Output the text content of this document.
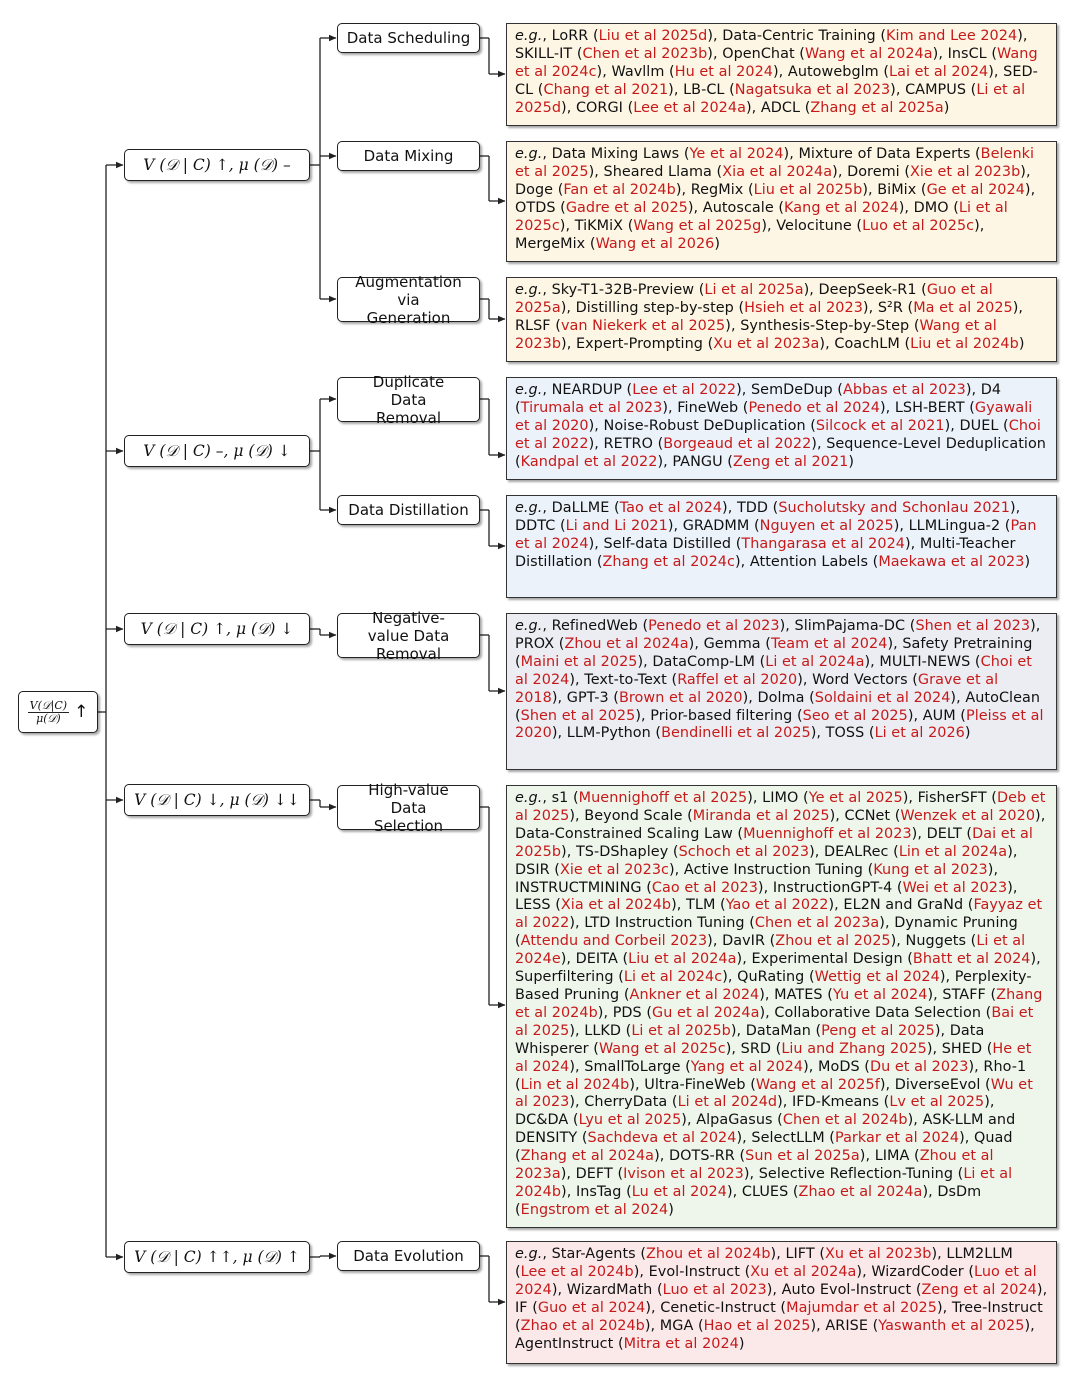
$\frac{\text{V(𝒟|C)}}{\text{μ(𝒟)}}$ ↑
V (𝒟 | C) ↑, μ (𝒟) –
V (𝒟 | C) –, μ (𝒟) ↓
V (𝒟 | C) ↑, μ (𝒟) ↓
V (𝒟 | C) ↓, μ (𝒟) ↓↓
V (𝒟 | C) ↑↑, μ (𝒟) ↑
Data Scheduling
Data Mixing
Augmentation via Generation
Duplicate Data Removal
Data Distillation
Negative-value Data Removal
High-value Data Selection
Data Evolution
e.g., LoRR (Liu et al 2025d), Data-Centric Training (Kim and Lee 2024), SKILL-IT (Chen et al 2023b), OpenChat (Wang et al 2024a), InsCL (Wang et al 2024c), Wavllm (Hu et al 2024), Autowebglm (Lai et al 2024), SED-CL (Chang et al 2021), LB-CL (Nagatsuka et al 2023), CAMPUS (Li et al 2025d), CORGI (Lee et al 2024a), ADCL (Zhang et al 2025a)
e.g., Data Mixing Laws (Ye et al 2024), Mixture of Data Experts (Belenki et al 2025), Sheared Llama (Xia et al 2024a), Doremi (Xie et al 2023b), Doge (Fan et al 2024b), RegMix (Liu et al 2025b), BiMix (Ge et al 2024), OTDS (Gadre et al 2025), Autoscale (Kang et al 2024), DMO (Li et al 2025c), TiKMiX (Wang et al 2025g), Velocitune (Luo et al 2025c), MergeMix (Wang et al 2026)
e.g., Sky-T1-32B-Preview (Li et al 2025a), DeepSeek-R1 (Guo et al 2025a), Distilling step-by-step (Hsieh et al 2023), S²R (Ma et al 2025), RLSF (van Niekerk et al 2025), Synthesis-Step-by-Step (Wang et al 2023b), Expert-Prompting (Xu et al 2023a), CoachLM (Liu et al 2024b)
e.g., NEARDUP (Lee et al 2022), SemDeDup (Abbas et al 2023), D4 (Tirumala et al 2023), FineWeb (Penedo et al 2024), LSH-BERT (Gyawali et al 2020), Noise-Robust DeDuplication (Silcock et al 2021), DUEL (Choi et al 2022), RETRO (Borgeaud et al 2022), Sequence-Level Deduplication (Kandpal et al 2022), PANGU (Zeng et al 2021)
e.g., DaLLME (Tao et al 2024), TDD (Sucholutsky and Schonlau 2021), DDTC (Li and Li 2021), GRADMM (Nguyen et al 2025), LLMLingua-2 (Pan et al 2024), Self-data Distilled (Thangarasa et al 2024), Multi-Teacher Distillation (Zhang et al 2024c), Attention Labels (Maekawa et al 2023)
e.g., RefinedWeb (Penedo et al 2023), SlimPajama-DC (Shen et al 2023), PROX (Zhou et al 2024a), Gemma (Team et al 2024), Safety Pretraining (Maini et al 2025), DataComp-LM (Li et al 2024a), MULTI-NEWS (Choi et al 2024), Text-to-Text (Raffel et al 2020), Word Vectors (Grave et al 2018), GPT-3 (Brown et al 2020), Dolma (Soldaini et al 2024), AutoClean (Shen et al 2025), Prior-based filtering (Seo et al 2025), AUM (Pleiss et al 2020), LLM-Python (Bendinelli et al 2025), TOSS (Li et al 2026)
e.g., s1 (Muennighoff et al 2025), LIMO (Ye et al 2025), FisherSFT (Deb et al 2025), Beyond Scale (Miranda et al 2025), CCNet (Wenzek et al 2020), Data-Constrained Scaling Law (Muennighoff et al 2023), DELT (Dai et al 2025b), TS-DShapley (Schoch et al 2023), DEALRec (Lin et al 2024a), DSIR (Xie et al 2023c), Active Instruction Tuning (Kung et al 2023), INSTRUCTMINING (Cao et al 2023), InstructionGPT-4 (Wei et al 2023), LESS (Xia et al 2024b), TLM (Yao et al 2022), EL2N and GraNd (Fayyaz et al 2022), LTD Instruction Tuning (Chen et al 2023a), Dynamic Pruning (Attendu and Corbeil 2023), DavIR (Zhou et al 2025), Nuggets (Li et al 2024e), DEITA (Liu et al 2024a), Experimental Design (Bhatt et al 2024), Superfiltering (Li et al 2024c), QuRating (Wettig et al 2024), Perplexity-Based Pruning (Ankner et al 2024), MATES (Yu et al 2024), STAFF (Zhang et al 2024b), PDS (Gu et al 2024a), Collaborative Data Selection (Bai et al 2025), LLKD (Li et al 2025b), DataMan (Peng et al 2025), Data Whisperer (Wang et al 2025c), SRD (Liu and Zhang 2025), SHED (He et al 2024), SmallToLarge (Yang et al 2024), MoDS (Du et al 2023), Rho-1 (Lin et al 2024b), Ultra-FineWeb (Wang et al 2025f), DiverseEvol (Wu et al 2023), CherryData (Li et al 2024d), IFD-Kmeans (Lv et al 2025), DC&DA (Lyu et al 2025), AlpaGasus (Chen et al 2024b), ASK-LLM and DENSITY (Sachdeva et al 2024), SelectLLM (Parkar et al 2024), Quad (Zhang et al 2024a), DOTS-RR (Sun et al 2025a), LIMA (Zhou et al 2023a), DEFT (Ivison et al 2023), Selective Reflection-Tuning (Li et al 2024b), InsTag (Lu et al 2024), CLUES (Zhao et al 2024a), DsDm (Engstrom et al 2024)
e.g., Star-Agents (Zhou et al 2024b), LIFT (Xu et al 2023b), LLM2LLM (Lee et al 2024b), Evol-Instruct (Xu et al 2024a), WizardCoder (Luo et al 2024), WizardMath (Luo et al 2023), Auto Evol-Instruct (Zeng et al 2024), IF (Guo et al 2024), Cenetic-Instruct (Majumdar et al 2025), Tree-Instruct (Zhao et al 2024b), MGA (Hao et al 2025), ARISE (Yaswanth et al 2025), AgentInstruct (Mitra et al 2024)
